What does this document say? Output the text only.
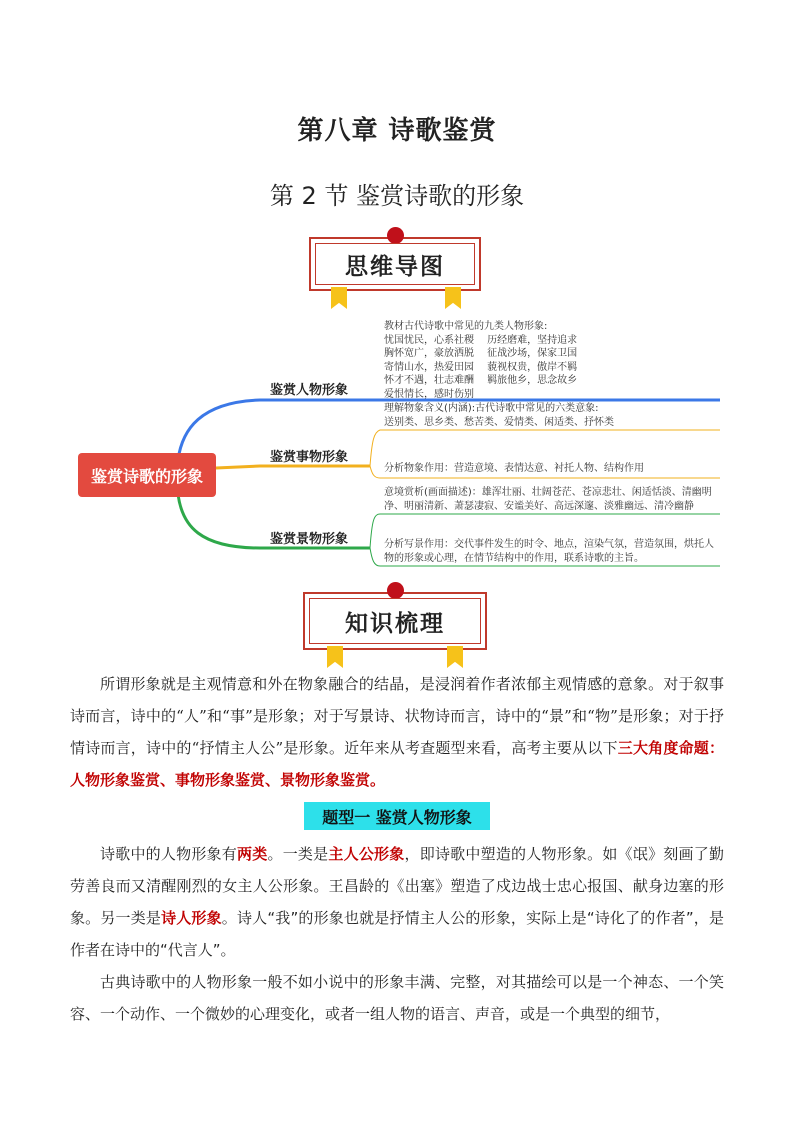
第八章 诗歌鉴赏
第 2 节 鉴赏诗歌的形象
思维导图
鉴赏诗歌的形象
鉴赏人物形象
教材古代诗歌中常见的九类人物形象:
忧国忧民，心系社稷　 历经磨难，坚持追求
胸怀宽广，豪放洒脱　 征战沙场，保家卫国
寄情山水，热爱田园　 藐视权贵，傲岸不羁
怀才不遇，壮志难酬　 羁旅他乡，思念故乡
爱恨情长，感时伤别
鉴赏事物形象
理解物象含义(内涵):古代诗歌中常见的六类意象:
送别类、思乡类、愁苦类、爱情类、闲适类、抒怀类
分析物象作用：营造意境、表情达意、衬托人物、结构作用
鉴赏景物形象
意境赏析(画面描述)：雄浑壮丽、壮阔苍茫、苍凉悲壮、闲适恬淡、清幽明净、明丽清新、萧瑟凄寂、安谧美好、高远深邃、淡雅幽远、清冷幽静
分析写景作用：交代事件发生的时令、地点，渲染气氛，营造氛围，烘托人物的形象或心理，在情节结构中的作用，联系诗歌的主旨。
知识梳理
所谓形象就是主观情意和外在物象融合的结晶，是浸润着作者浓郁主观情感的意象。对于叙事诗而言，诗中的“人”和“事”是形象；对于写景诗、状物诗而言，诗中的“景”和“物”是形象；对于抒情诗而言，诗中的“抒情主人公”是形象。近年来从考查题型来看，高考主要从以下三大角度命题：人物形象鉴赏、事物形象鉴赏、景物形象鉴赏。
题型一 鉴赏人物形象
诗歌中的人物形象有两类。一类是主人公形象，即诗歌中塑造的人物形象。如《氓》刻画了勤劳善良而又清醒刚烈的女主人公形象。王昌龄的《出塞》塑造了戍边战士忠心报国、献身边塞的形象。另一类是诗人形象。诗人“我”的形象也就是抒情主人公的形象，实际上是“诗化了的作者”，是作者在诗中的“代言人”。
古典诗歌中的人物形象一般不如小说中的形象丰满、完整，对其描绘可以是一个神态、一个笑容、一个动作、一个微妙的心理变化，或者一组人物的语言、声音，或是一个典型的细节，
